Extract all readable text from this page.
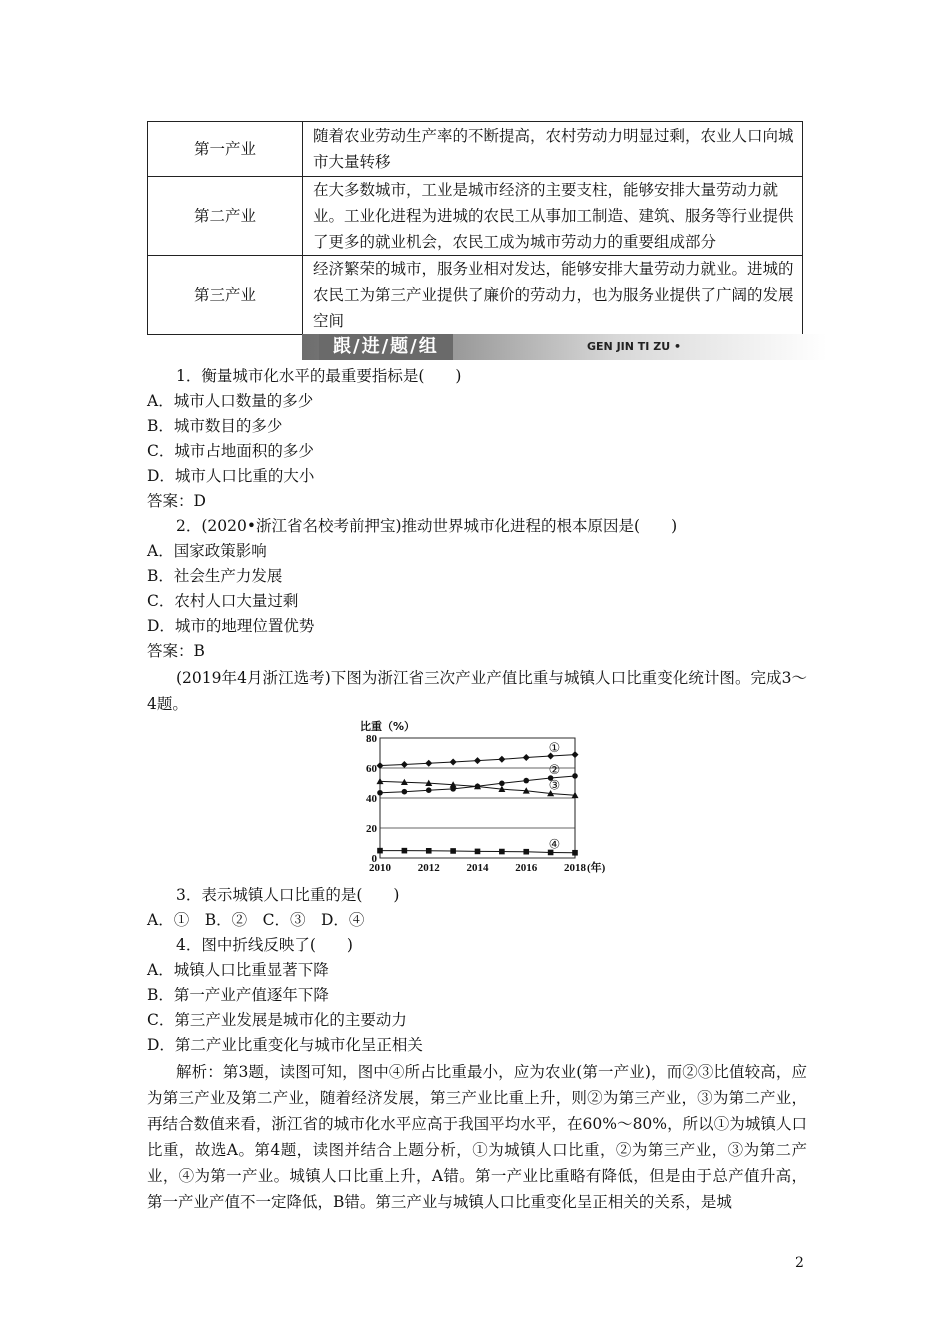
第一产业	随着农业劳动生产率的不断提高，农村劳动力明显过剩，农业人口向城市大量转移
第二产业	在大多数城市，工业是城市经济的主要支柱，能够安排大量劳动力就业。工业化进程为进城的农民工从事加工制造、建筑、服务等行业提供了更多的就业机会，农民工成为城市劳动力的重要组成部分
第三产业	经济繁荣的城市，服务业相对发达，能够安排大量劳动力就业。进城的农民工为第三产业提供了廉价的劳动力，也为服务业提供了广阔的发展空间
跟/进/题/组	GEN JIN TI ZU •
1．衡量城市化水平的最重要指标是(　　)
A．城市人口数量的多少
B．城市数目的多少
C．城市占地面积的多少
D．城市人口比重的大小
答案：D
2．(2020•浙江省名校考前押宝)推动世界城市化进程的根本原因是(　　)
A．国家政策影响
B．社会生产力发展
C．农村人口大量过剩
D．城市的地理位置优势
答案：B
(2019年4月浙江选考)下图为浙江省三次产业产值比重与城镇人口比重变化统计图。完成3～4题。
0
20
40
60
80
2010 2012 2014 2016 2018 (年)
比重（%）
①
②
③
④
3．表示城镇人口比重的是(　　)
A．①　B．②　C．③　D．④
4．图中折线反映了(　　)
A．城镇人口比重显著下降
B．第一产业产值逐年下降
C．第三产业发展是城市化的主要动力
D．第二产业比重变化与城市化呈正相关
解析：第3题，读图可知，图中④所占比重最小，应为农业(第一产业)，而②③比值较高，应为第三产业及第二产业，随着经济发展，第三产业比重上升，则②为第三产业，③为第二产业，再结合数值来看，浙江省的城市化水平应高于我国平均水平，在60%～80%，所以①为城镇人口比重，故选A。第4题，读图并结合上题分析，①为城镇人口比重，②为第三产业，③为第二产业，④为第一产业。城镇人口比重上升，A错。第一产业比重略有降低，但是由于总产值升高，第一产业产值不一定降低，B错。第三产业与城镇人口比重变化呈正相关的关系，是城
2
